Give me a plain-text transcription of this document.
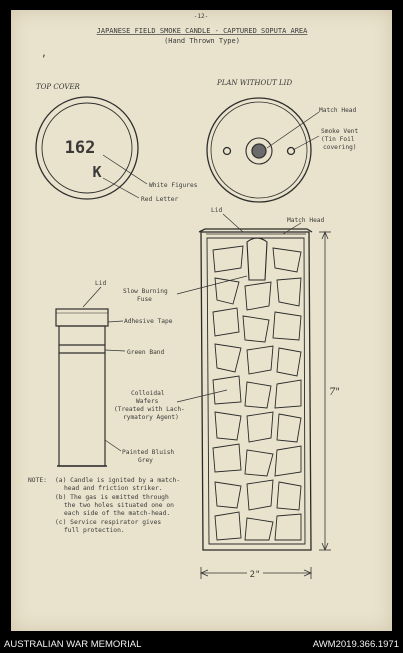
-12-
JAPANESE FIELD SMOKE CANDLE - CAPTURED SOPUTA AREA
(Hand Thrown Type)
,
TOP COVER
162
K
White Figures
Red Letter
PLAN WITHOUT LID
Match Head
Smoke Vent
(Tin Foil
covering)
Lid
Adhesive Tape
Green Band
Painted Bluish
Grey
Lid
Match Head
Slow Burning
Fuse
Colloidal
Wafers
(Treated with Lach-
rymatory Agent)
7"
2"
NOTE: (a) Candle is ignited by a match-
head and friction striker.
(b) The gas is emitted through
the two holes situated one on
each side of the match-head.
(c) Service respirator gives
full protection.
AUSTRALIAN WAR MEMORIAL	AWM2019.366.1971
